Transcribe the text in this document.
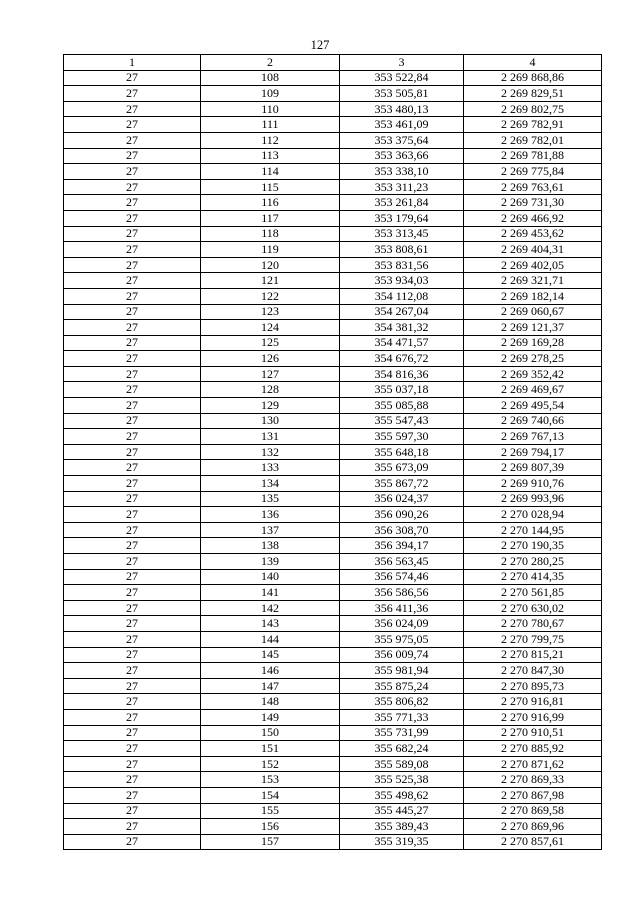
127
1	2	3	4
27	108	353 522,84	2 269 868,86
27	109	353 505,81	2 269 829,51
27	110	353 480,13	2 269 802,75
27	111	353 461,09	2 269 782,91
27	112	353 375,64	2 269 782,01
27	113	353 363,66	2 269 781,88
27	114	353 338,10	2 269 775,84
27	115	353 311,23	2 269 763,61
27	116	353 261,84	2 269 731,30
27	117	353 179,64	2 269 466,92
27	118	353 313,45	2 269 453,62
27	119	353 808,61	2 269 404,31
27	120	353 831,56	2 269 402,05
27	121	353 934,03	2 269 321,71
27	122	354 112,08	2 269 182,14
27	123	354 267,04	2 269 060,67
27	124	354 381,32	2 269 121,37
27	125	354 471,57	2 269 169,28
27	126	354 676,72	2 269 278,25
27	127	354 816,36	2 269 352,42
27	128	355 037,18	2 269 469,67
27	129	355 085,88	2 269 495,54
27	130	355 547,43	2 269 740,66
27	131	355 597,30	2 269 767,13
27	132	355 648,18	2 269 794,17
27	133	355 673,09	2 269 807,39
27	134	355 867,72	2 269 910,76
27	135	356 024,37	2 269 993,96
27	136	356 090,26	2 270 028,94
27	137	356 308,70	2 270 144,95
27	138	356 394,17	2 270 190,35
27	139	356 563,45	2 270 280,25
27	140	356 574,46	2 270 414,35
27	141	356 586,56	2 270 561,85
27	142	356 411,36	2 270 630,02
27	143	356 024,09	2 270 780,67
27	144	355 975,05	2 270 799,75
27	145	356 009,74	2 270 815,21
27	146	355 981,94	2 270 847,30
27	147	355 875,24	2 270 895,73
27	148	355 806,82	2 270 916,81
27	149	355 771,33	2 270 916,99
27	150	355 731,99	2 270 910,51
27	151	355 682,24	2 270 885,92
27	152	355 589,08	2 270 871,62
27	153	355 525,38	2 270 869,33
27	154	355 498,62	2 270 867,98
27	155	355 445,27	2 270 869,58
27	156	355 389,43	2 270 869,96
27	157	355 319,35	2 270 857,61
